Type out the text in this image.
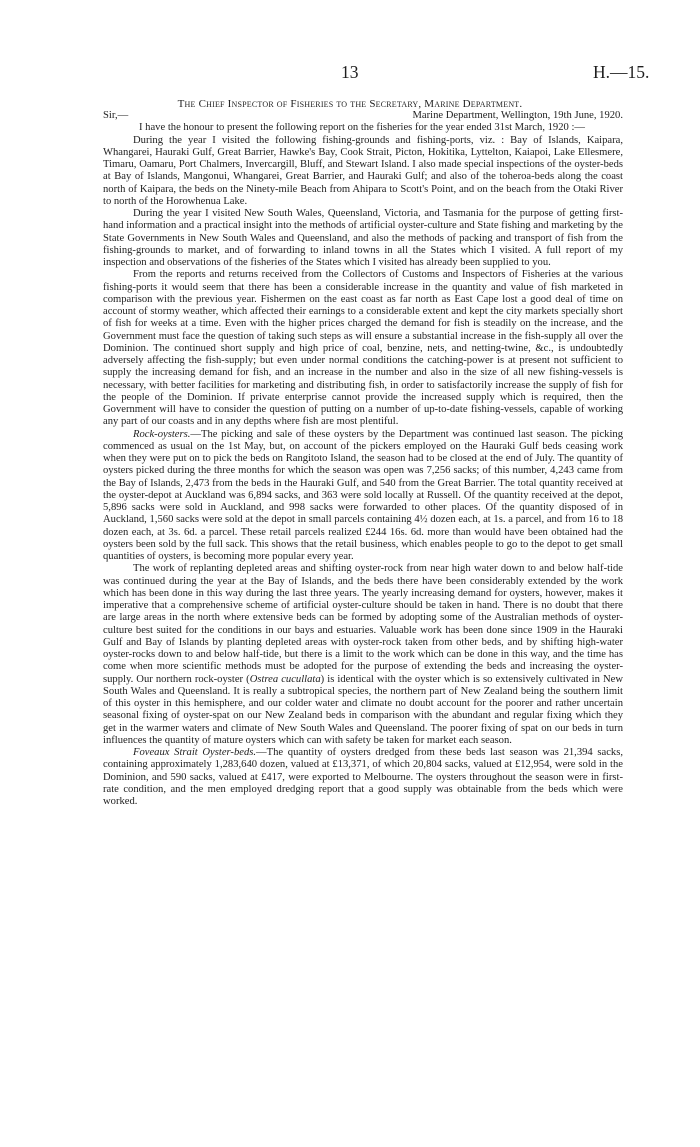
13	H.—15.
The Chief Inspector of Fisheries to the Secretary, Marine Department.
Sir,—	Marine Department, Wellington, 19th June, 1920.

I have the honour to present the following report on the fisheries for the year ended 31st March, 1920 :—

During the year I visited the following fishing-grounds and fishing-ports, viz. : Bay of Islands, Kaipara, Whangarei, Hauraki Gulf, Great Barrier, Hawke's Bay, Cook Strait, Picton, Hokitika, Lyttelton, Kaiapoi, Lake Ellesmere, Timaru, Oamaru, Port Chalmers, Invercargill, Bluff, and Stewart Island. I also made special inspections of the oyster-beds at Bay of Islands, Mangonui, Whangarei, Great Barrier, and Hauraki Gulf; and also of the toheroa-beds along the coast north of Kaipara, the beds on the Ninety-mile Beach from Ahipara to Scott's Point, and on the beach from the Otaki River to north of the Horowhenua Lake.

During the year I visited New South Wales, Queensland, Victoria, and Tasmania for the purpose of getting first-hand information and a practical insight into the methods of artificial oyster-culture and State fishing and marketing by the State Governments in New South Wales and Queensland, and also the methods of packing and transport of fish from the fishing-grounds to market, and of forwarding to inland towns in all the States which I visited. A full report of my inspection and observations of the fisheries of the States which I visited has already been supplied to you.

From the reports and returns received from the Collectors of Customs and Inspectors of Fisheries at the various fishing-ports it would seem that there has been a considerable increase in the quantity and value of fish marketed in comparison with the previous year. Fishermen on the east coast as far north as East Cape lost a good deal of time on account of stormy weather, which affected their earnings to a considerable extent and kept the city markets specially short of fish for weeks at a time. Even with the higher prices charged the demand for fish is steadily on the increase, and the Government must face the question of taking such steps as will ensure a substantial increase in the fish-supply all over the Dominion. The continued short supply and high price of coal, benzine, nets, and netting-twine, &c., is undoubtedly adversely affecting the fish-supply; but even under normal conditions the catching-power is at present not sufficient to supply the increasing demand for fish, and an increase in the number and also in the size of all new fishing-vessels is necessary, with better facilities for marketing and distributing fish, in order to satisfactorily increase the supply of fish for the people of the Dominion. If private enterprise cannot provide the increased supply which is required, then the Government will have to consider the question of putting on a number of up-to-date fishing-vessels, capable of working any part of our coasts and in any depths where fish are most plentiful.

Rock-oysters.—The picking and sale of these oysters by the Department was continued last season. The picking commenced as usual on the 1st May, but, on account of the pickers employed on the Hauraki Gulf beds ceasing work when they were put on to pick the beds on Rangitoto Island, the season had to be closed at the end of July. The quantity of oysters picked during the three months for which the season was open was 7,256 sacks; of this number, 4,243 came from the Bay of Islands, 2,473 from the beds in the Hauraki Gulf, and 540 from the Great Barrier. The total quantity received at the oyster-depot at Auckland was 6,894 sacks, and 363 were sold locally at Russell. Of the quantity received at the depot, 5,896 sacks were sold in Auckland, and 998 sacks were forwarded to other places. Of the quantity disposed of in Auckland, 1,560 sacks were sold at the depot in small parcels containing 4½ dozen each, at 1s. a parcel, and from 16 to 18 dozen each, at 3s. 6d. a parcel. These retail parcels realized £244 16s. 6d. more than would have been obtained had the oysters been sold by the full sack. This shows that the retail business, which enables people to go to the depot to get small quantities of oysters, is becoming more popular every year.

The work of replanting depleted areas and shifting oyster-rock from near high water down to and below half-tide was continued during the year at the Bay of Islands, and the beds there have been considerably extended by the work which has been done in this way during the last three years. The yearly increasing demand for oysters, however, makes it imperative that a comprehensive scheme of artificial oyster-culture should be taken in hand. There is no doubt that there are large areas in the north where extensive beds can be formed by adopting some of the Australian methods of oyster-culture best suited for the conditions in our bays and estuaries. Valuable work has been done since 1909 in the Hauraki Gulf and Bay of Islands by planting depleted areas with oyster-rock taken from other beds, and by shifting high-water oyster-rocks down to and below half-tide, but there is a limit to the work which can be done in this way, and the time has come when more scientific methods must be adopted for the purpose of extending the beds and increasing the oyster-supply. Our northern rock-oyster (Ostrea cucullata) is identical with the oyster which is so extensively cultivated in New South Wales and Queensland. It is really a subtropical species, the northern part of New Zealand being the southern limit of this oyster in this hemisphere, and our colder water and climate no doubt account for the poorer and rather uncertain seasonal fixing of oyster-spat on our New Zealand beds in comparison with the abundant and regular fixing which they get in the warmer waters and climate of New South Wales and Queensland. The poorer fixing of spat on our beds in turn influences the quantity of mature oysters which can with safety be taken for market each season.

Foveaux Strait Oyster-beds.—The quantity of oysters dredged from these beds last season was 21,394 sacks, containing approximately 1,283,640 dozen, valued at £13,371, of which 20,804 sacks, valued at £12,954, were sold in the Dominion, and 590 sacks, valued at £417, were exported to Melbourne. The oysters throughout the season were in first-rate condition, and the men employed dredging report that a good supply was obtainable from the beds which were worked.
